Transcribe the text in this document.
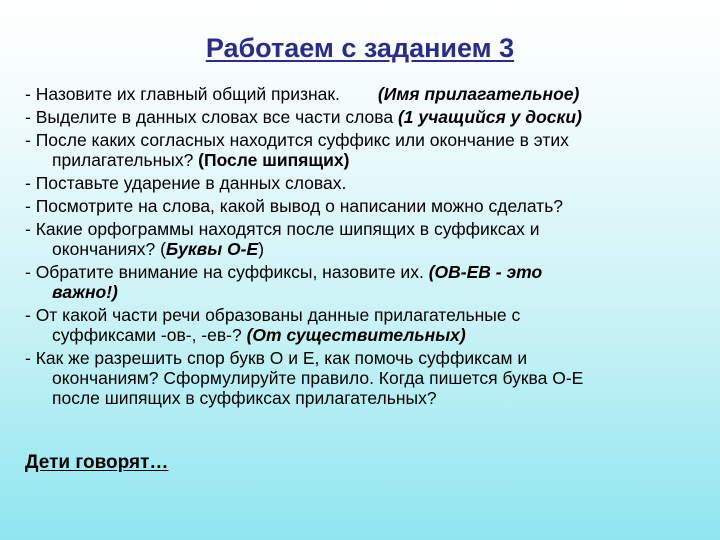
Работаем с заданием 3
- Назовите их главный общий признак. (Имя прилагательное)
- Выделите в данных словах все части слова (1 учащийся у доски)
- После каких согласных находится суффикс или окончание в этих
прилагательных? (После шипящих)
- Поставьте ударение в данных словах.
- Посмотрите на слова, какой вывод о написании можно сделать?
- Какие орфограммы находятся после шипящих в суффиксах и
окончаниях? (Буквы О-Е)
- Обратите внимание на суффиксы, назовите их. (ОВ-ЕВ - это
важно!)
- От какой части речи образованы данные прилагательные с
суффиксами -ов-, -ев-? (От существительных)
- Как же разрешить спор букв О и Е, как помочь суффиксам и
окончаниям? Сформулируйте правило. Когда пишется буква О-Е
после шипящих в суффиксах прилагательных?
Дети говорят…
